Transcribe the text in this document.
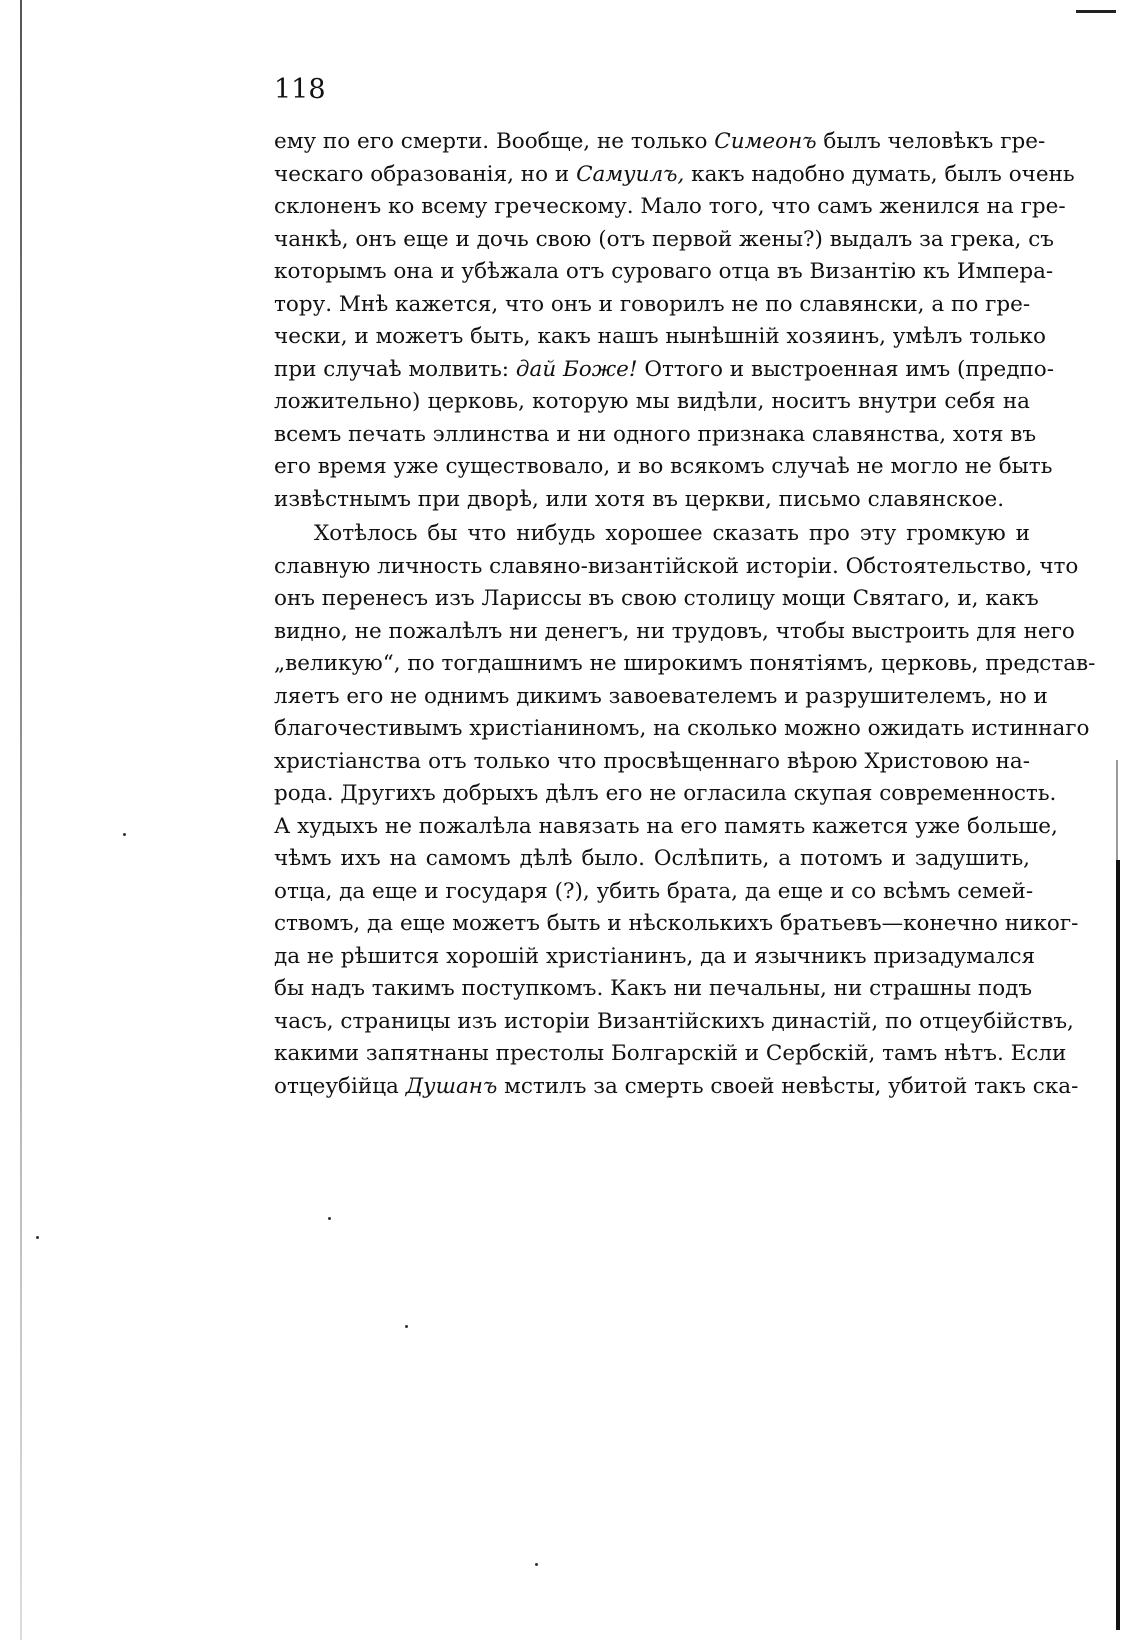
118

ему по его смерти. Вообще, не только Симеонъ былъ человѣкъ гре-

ческаго образованія, но и Самуилъ, какъ надобно думать, былъ очень

склоненъ ко всему греческому. Мало того, что самъ женился на гре-

чанкѣ, онъ еще и дочь свою (отъ первой жены?) выдалъ за грека, съ

которымъ она и убѣжала отъ суроваго отца въ Византію къ Импера-

тору. Мнѣ кажется, что онъ и говорилъ не по славянски, а по гре-

чески, и можетъ быть, какъ нашъ нынѣшній хозяинъ, умѣлъ только

при случаѣ молвить: дай Боже! Оттого и выстроенная имъ (предпо-

ложительно) церковь, которую мы видѣли, носитъ внутри себя на

всемъ печать эллинства и ни одного признака славянства, хотя въ

его время уже существовало, и во всякомъ случаѣ не могло не быть

извѣстнымъ при дворѣ, или хотя въ церкви, письмо славянское.

Хотѣлось бы что нибудь хорошее сказать про эту громкую и

славную личность славяно-византійской исторіи. Обстоятельство, что

онъ перенесъ изъ Лариссы въ свою столицу мощи Святаго, и, какъ

видно, не пожалѣлъ ни денегъ, ни трудовъ, чтобы выстроить для него

„великую“, по тогдашнимъ не широкимъ понятіямъ, церковь, представ-

ляетъ его не однимъ дикимъ завоевателемъ и разрушителемъ, но и

благочестивымъ христіаниномъ, на сколько можно ожидать истиннаго

христіанства отъ только что просвѣщеннаго вѣрою Христовою на-

рода. Другихъ добрыхъ дѣлъ его не огласила скупая современность.

А худыхъ не пожалѣла навязать на его память кажется уже больше,

чѣмъ ихъ на самомъ дѣлѣ было. Ослѣпить, а потомъ и задушить,

отца, да еще и государя (?), убить брата, да еще и со всѣмъ семей-

ствомъ, да еще можетъ быть и нѣсколькихъ братьевъ—конечно никог-

да не рѣшится хорошій христіанинъ, да и язычникъ призадумался

бы надъ такимъ поступкомъ. Какъ ни печальны, ни страшны подъ

часъ, страницы изъ исторіи Византійскихъ династій, по отцеубійствъ,

какими запятнаны престолы Болгарскій и Сербскій, тамъ нѣтъ. Если

отцеубійца Душанъ мстилъ за смерть своей невѣсты, убитой такъ ска-
